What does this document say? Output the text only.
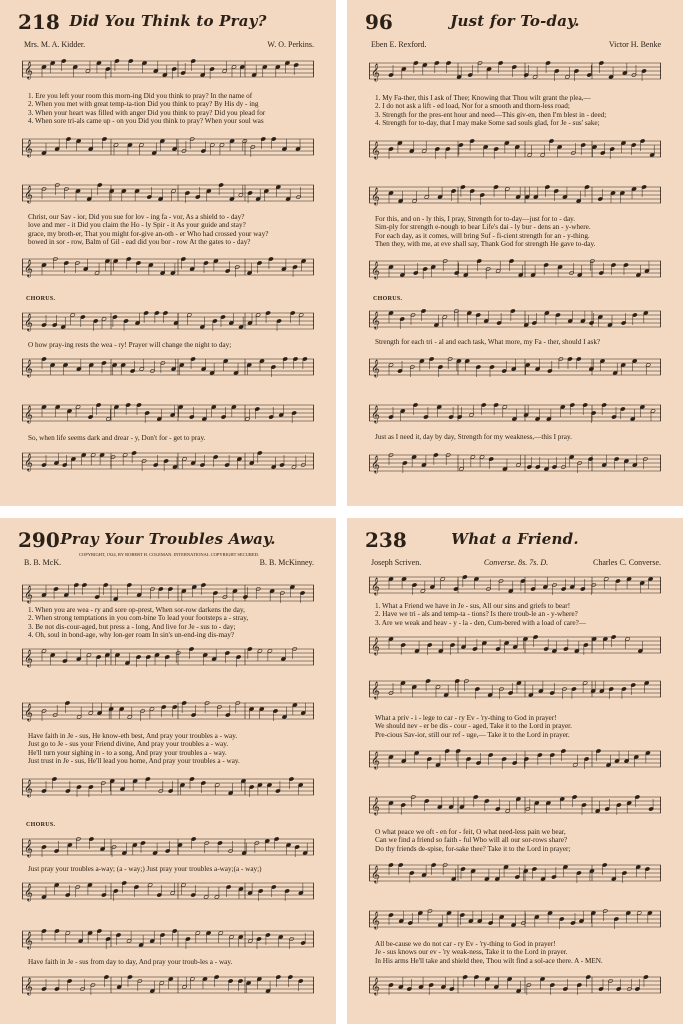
218 Did You Think to Pray?
Mrs. M. A. Kidder.	W. O. Perkins.
𝄞
1. Ere you left your room this morn-ing Did you think to pray? In the name of
2. When you met with great temp-ta-tion Did you think to pray? By His dy - ing
3. When your heart was filled with anger Did you think to pray? Did you plead for
4. When sore tri-als came up - on you Did you think to pray? When your soul was
𝄞
𝄞
Christ, our Sav - ior, Did you sue for lov - ing fa - vor, As a shield to - day?
love and mer - it Did you claim the Ho - ly Spir - it As your guide and stay?
grace, my broth-er, That you might for-give an-oth - er Who had crossed your way?
bowed in sor - row, Balm of Gil - ead did you bor - row At the gates to - day?
𝄞
CHORUS.
𝄞
O how pray-ing rests the wea - ry! Prayer will change the night to day;
𝄞
𝄞
So, when life seems dark and drear - y, Don't for - get to pray.
𝄞
96	Just for To-day.
Eben E. Rexford.	Victor H. Benke
𝄞
1. My Fa-ther, this I ask of Thee; Knowing that Thou wilt grant the plea,—
2. I do not ask a lift - ed load, Nor for a smooth and thorn-less road;
3. Strength for the pres-ent hour and need—This giv-en, then I'm blest in - deed;
4. Strength for to-day, that I may make Some sad souls glad, for Je - sus' sake;
𝄞
𝄞
For this, and on - ly this, I pray, Strength for to-day—just for to - day.
Sim-ply for strength e-nough to bear Life's dai - ly bur - dens an - y-where.
For each day, as it comes, will bring Suf - fi-cient strength for an - y-thing.
Then they, with me, at eve shall say, Thank God for strength He gave to-day.
𝄞
CHORUS.
𝄞
Strength for each tri - al and each task, What more, my Fa - ther, should I ask?
𝄞
𝄞
Just as I need it, day by day, Strength for my weakness,—this I pray.
𝄞
290 Pray Your Troubles Away.
B. B. McK.
COPYRIGHT, 1924, BY ROBERT H. COLEMAN. INTERNATIONAL COPYRIGHT SECURED.
B. B. McKinney.
𝄞
1. When you are wea - ry and sore op-prest, When sor-row darkens the day,
2. When strong temptations in you com-bine To lead your footsteps a - stray,
3. Be not dis-cour-aged, but press a - long, And live for Je - sus to - day;
4. Oh, soul in bond-age, why lon-ger roam In sin's un-end-ing dis-may?
𝄞
𝄞
Have faith in Je - sus, He know-eth best, And pray your troubles a - way.
Just go to Je - sus your Friend divine, And pray your troubles a - way.
He'll turn your sighing in - to a song, And pray your troubles a - way.
Just trust in Je - sus, He'll lead you home, And pray your troubles a - way.
𝄞
CHORUS.
𝄞
Just pray your troubles a-way; (a - way;) Just pray your troubles a-way;(a - way;)
𝄞
𝄞
Have faith in Je - sus from day to day, And pray your troub-les a - way.
𝄞
238	What a Friend.
Joseph Scriven.	Converse. 8s. 7s. D.	Charles C. Converse.
𝄞
1. What a Friend we have in Je - sus, All our sins and griefs to bear!
2. Have we tri - als and temp-ta - tions? Is there troub-le an - y-where?
3. Are we weak and heav - y - la - den, Cum-bered with a load of care?—
𝄞
𝄞
What a priv - i - lege to car - ry Ev - 'ry-thing to God in prayer!
We should nev - er be dis - cour - aged, Take it to the Lord in prayer.
Pre-cious Sav-ior, still our ref - uge,— Take it to the Lord in prayer.
𝄞
𝄞
O what peace we oft - en for - feit, O what need-less pain we bear,
Can we find a friend so faith - ful Who will all our sor-rows share?
Do thy friends de-spise, for-sake thee? Take it to the Lord in prayer;
𝄞
𝄞
All be-cause we do not car - ry Ev - 'ry-thing to God in prayer!
Je - sus knows our ev - 'ry weak-ness, Take it to the Lord in prayer.
In His arms He'll take and shield thee, Thou wilt find a sol-ace there. A - MEN.
𝄞
